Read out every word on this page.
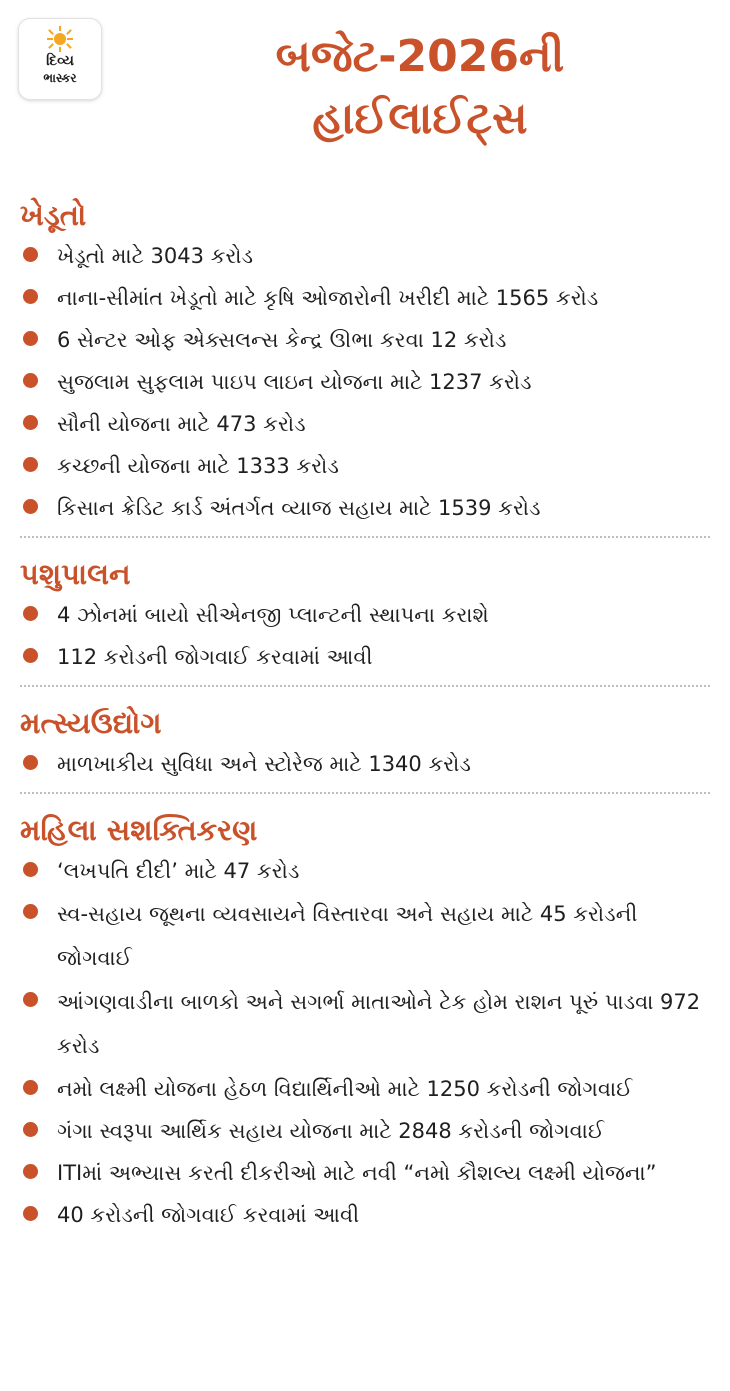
દિવ્ય
ભાસ્કર	બજેટ-2026ની
હાઈલાઈટ્સ
ખેડૂતો
ખેડૂતો માટે 3043 કરોડ
નાના-સીમાંત ખેડૂતો માટે કૃષિ ઓજારોની ખરીદી માટે 1565 કરોડ
6 સેન્ટર ઓફ એક્સલન્સ કેન્દ્ર ઊભા કરવા 12 કરોડ
સુજલામ સુફલામ પાઇપ લાઇન યોજના માટે 1237 કરોડ
સૌની યોજના માટે 473 કરોડ
કચ્છની યોજના માટે 1333 કરોડ
કિસાન ક્રેડિટ કાર્ડ અંતર્ગત વ્યાજ સહાય માટે 1539 કરોડ
પશુપાલન
4 ઝોનમાં બાયો સીએનજી પ્લાન્ટની સ્થાપના કરાશે
112 કરોડની જોગવાઈ કરવામાં આવી
મત્સ્યઉદ્યોગ
માળખાકીય સુવિધા અને સ્ટોરેજ માટે 1340 કરોડ
મહિલા સશક્તિકરણ
‘લખપતિ દીદી’ માટે 47 કરોડ
સ્વ-સહાય જૂથના વ્યવસાયને વિસ્તારવા અને સહાય માટે 45 કરોડની જોગવાઈ
આંગણવાડીના બાળકો અને સગર્ભા માતાઓને ટેક હોમ રાશન પૂરું પાડવા 972 કરોડ
નમો લક્ષ્મી યોજના હેઠળ વિદ્યાર્થિનીઓ માટે 1250 કરોડની જોગવાઈ
ગંગા સ્વરૂપા આર્થિક સહાય યોજના માટે 2848 કરોડની જોગવાઈ
ITIમાં અભ્યાસ કરતી દીકરીઓ માટે નવી “નમો કૌશલ્ય લક્ષ્મી યોજના”
40 કરોડની જોગવાઈ કરવામાં આવી
